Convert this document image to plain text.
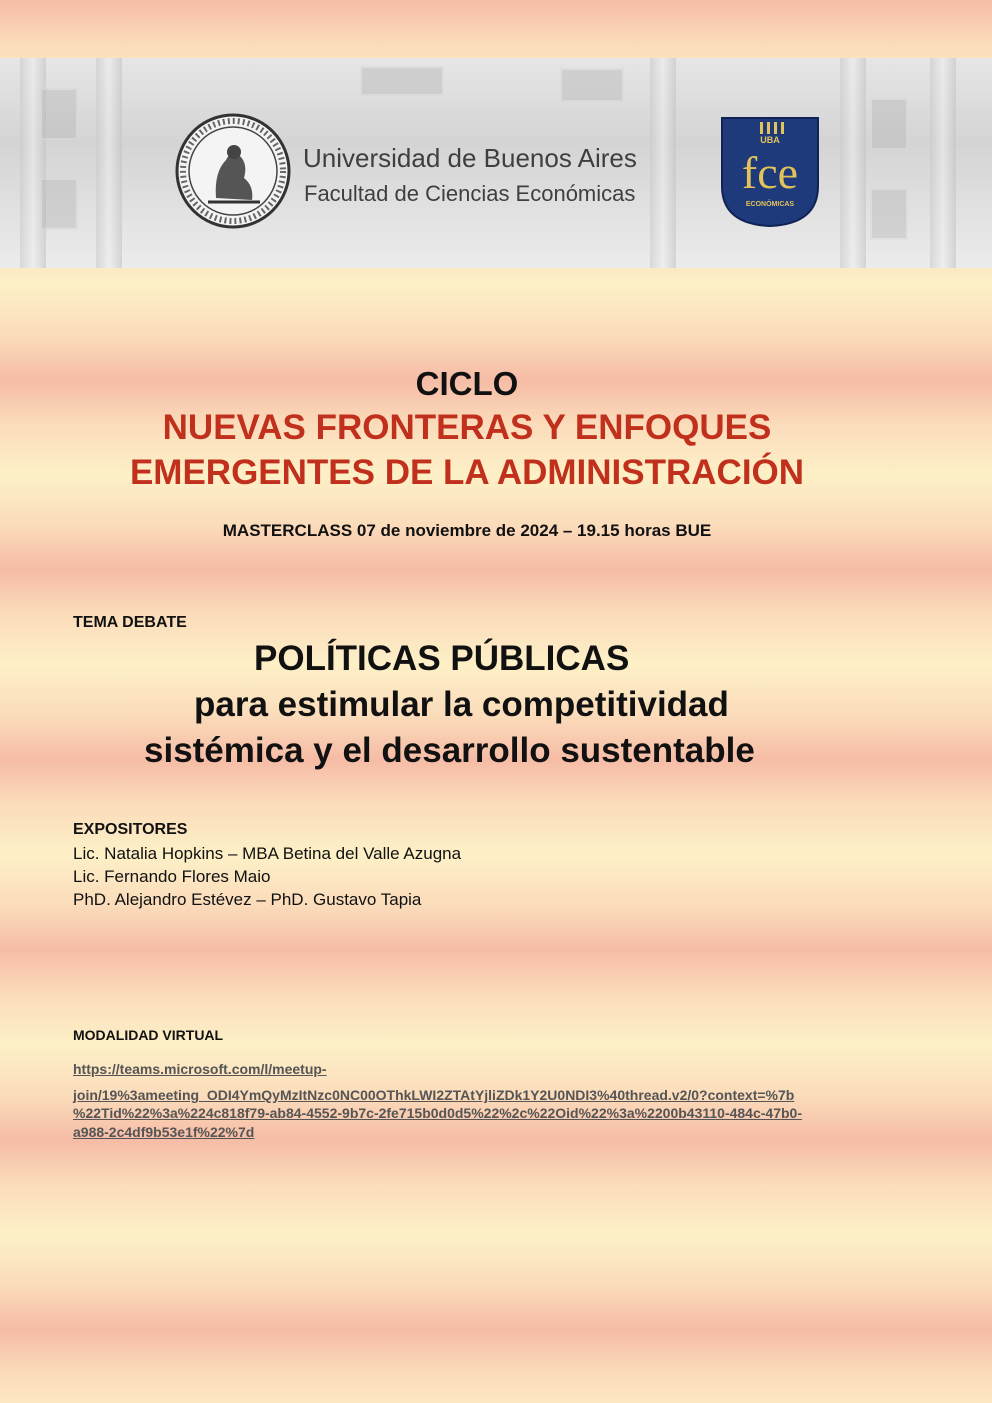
Universidad de Buenos Aires
Facultad de Ciencias Económicas
UBA
fce
ECONÓMICAS
CICLO
NUEVAS FRONTERAS Y ENFOQUES
EMERGENTES DE LA ADMINISTRACIÓN
MASTERCLASS 07 de noviembre de 2024 – 19.15 horas BUE
TEMA DEBATE
POLÍTICAS PÚBLICAS
para estimular la competitividad
sistémica y el desarrollo sustentable
EXPOSITORES
Lic. Natalia Hopkins – MBA Betina del Valle Azugna
Lic. Fernando Flores Maio
PhD. Alejandro Estévez – PhD. Gustavo Tapia
MODALIDAD VIRTUAL
https://teams.microsoft.com/l/meetup-
join/19%3ameeting_ODI4YmQyMzItNzc0NC00OThkLWI2ZTAtYjliZDk1Y2U0NDI3%40thread.v2/0?context=%7b
%22Tid%22%3a%224c818f79-ab84-4552-9b7c-2fe715b0d0d5%22%2c%22Oid%22%3a%2200b43110-484c-47b0-
a988-2c4df9b53e1f%22%7d
